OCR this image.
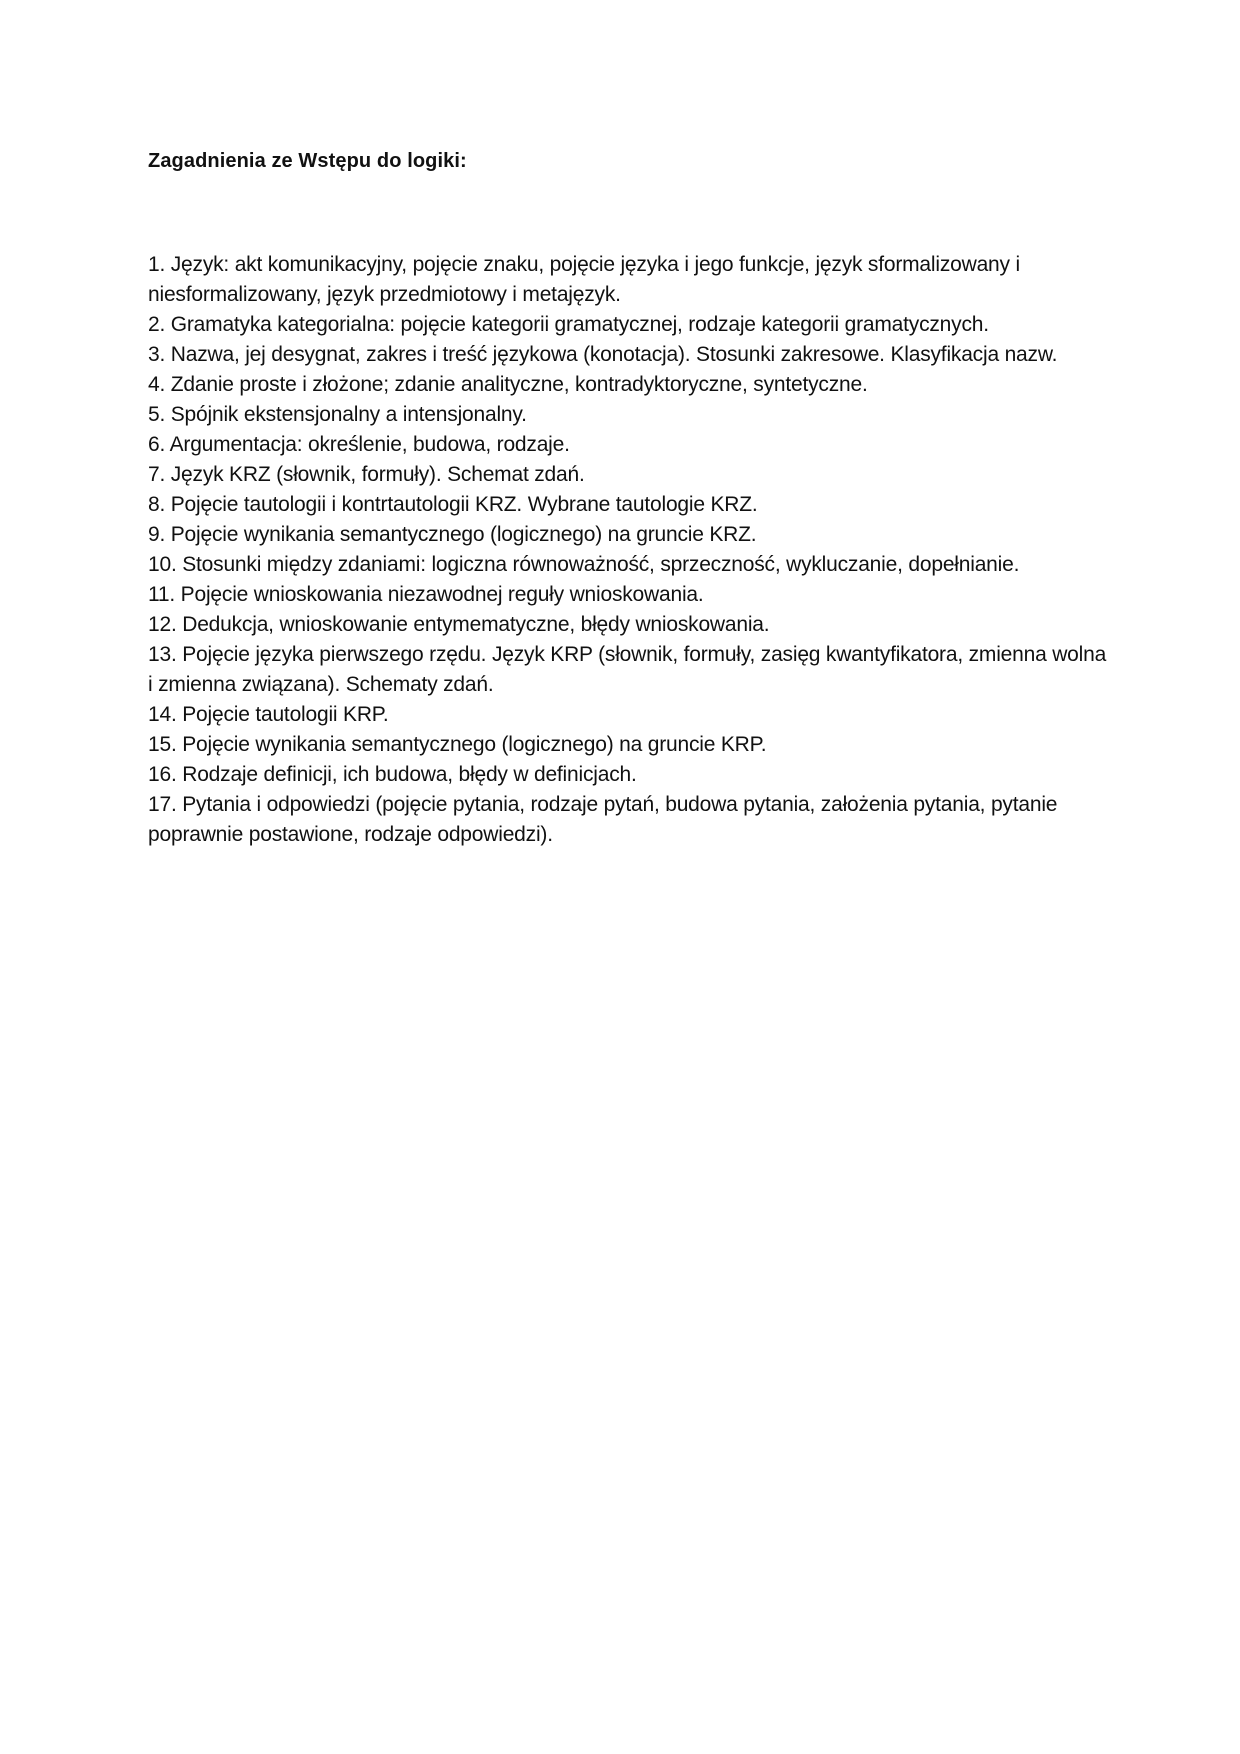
Zagadnienia ze Wstępu do logiki:

1. Język: akt komunikacyjny, pojęcie znaku, pojęcie języka i jego funkcje, język sformalizowany i niesformalizowany, język przedmiotowy i metajęzyk.

2. Gramatyka kategorialna: pojęcie kategorii gramatycznej, rodzaje kategorii gramatycznych.

3. Nazwa, jej desygnat, zakres i treść językowa (konotacja). Stosunki zakresowe. Klasyfikacja nazw.

4. Zdanie proste i złożone; zdanie analityczne, kontradyktoryczne, syntetyczne.

5. Spójnik ekstensjonalny a intensjonalny.

6. Argumentacja: określenie, budowa, rodzaje.

7. Język KRZ (słownik, formuły). Schemat zdań.

8. Pojęcie tautologii i kontrtautologii KRZ. Wybrane tautologie KRZ.

9. Pojęcie wynikania semantycznego (logicznego) na gruncie KRZ.

10. Stosunki między zdaniami: logiczna równoważność, sprzeczność, wykluczanie, dopełnianie.

11. Pojęcie wnioskowania niezawodnej reguły wnioskowania.

12. Dedukcja, wnioskowanie entymematyczne, błędy wnioskowania.

13. Pojęcie języka pierwszego rzędu. Język KRP (słownik, formuły, zasięg kwantyfikatora, zmienna wolna i zmienna związana). Schematy zdań.

14. Pojęcie tautologii KRP.

15. Pojęcie wynikania semantycznego (logicznego) na gruncie KRP.

16. Rodzaje definicji, ich budowa, błędy w definicjach.

17. Pytania i odpowiedzi (pojęcie pytania, rodzaje pytań, budowa pytania, założenia pytania, pytanie poprawnie postawione, rodzaje odpowiedzi).
